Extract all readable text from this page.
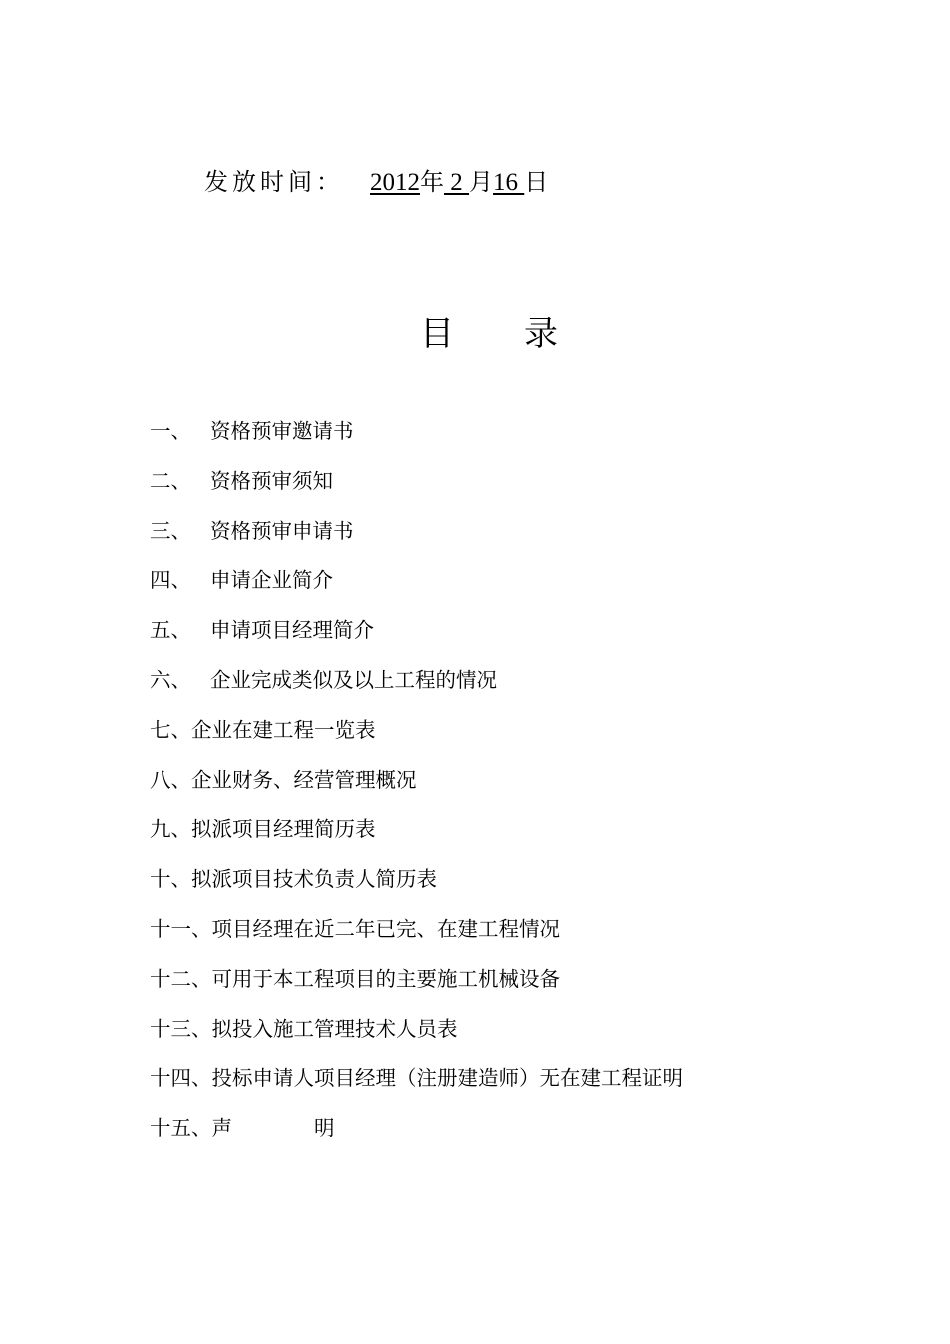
发放时间： 2012年 2 月16 日
目 录
一、 资格预审邀请书
二、 资格预审须知
三、 资格预审申请书
四、 申请企业简介
五、 申请项目经理简介
六、 企业完成类似及以上工程的情况
七、企业在建工程一览表
八、企业财务、经营管理概况
九、拟派项目经理简历表
十、拟派项目技术负责人简历表
十一、项目经理在近二年已完、在建工程情况
十二、可用于本工程项目的主要施工机械设备
十三、拟投入施工管理技术人员表
十四、投标申请人项目经理（注册建造师）无在建工程证明
十五、声	明
